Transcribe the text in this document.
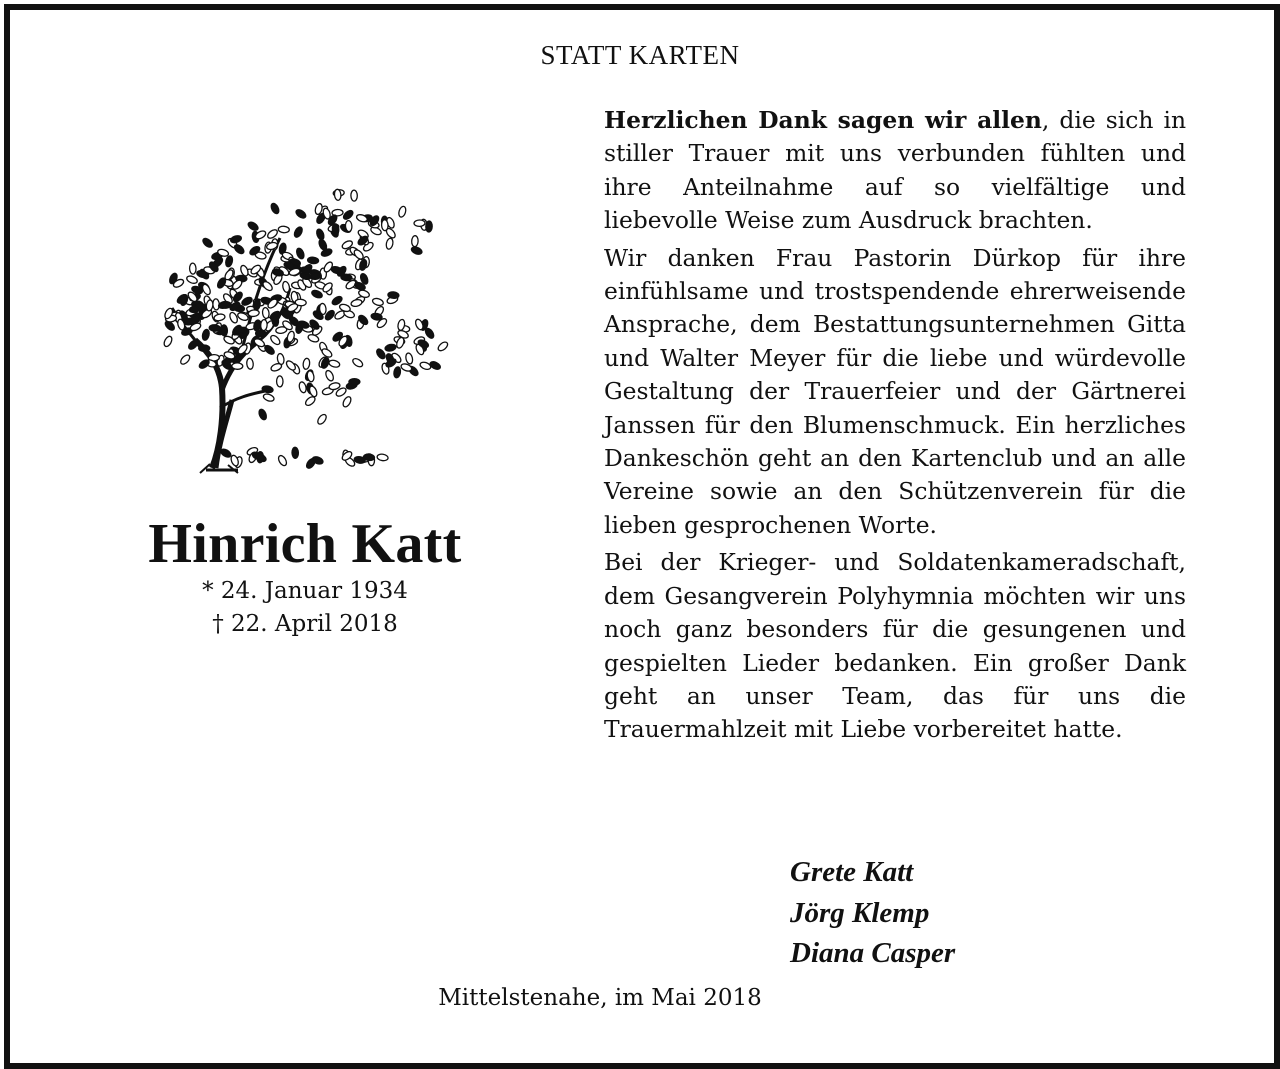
STATT KARTEN
Hinrich Katt
* 24. Januar 1934
† 22. April 2018

Herzlichen Dank sagen wir allen, die sich in stiller Trauer mit uns verbunden fühlten und ihre Anteilnahme auf so vielfältige und liebevolle Weise zum Ausdruck brachten.

Wir danken Frau Pastorin Dürkop für ihre einfühlsame und trostspendende ehrerweisende Ansprache, dem Bestattungsunternehmen Gitta und Walter Meyer für die liebe und würdevolle Gestaltung der Trauerfeier und der Gärtnerei Janssen für den Blumenschmuck. Ein herzliches Dankeschön geht an den Kartenclub und an alle Vereine sowie an den Schützenverein für die lieben gesprochenen Worte.

Bei der Krieger- und Soldatenkameradschaft, dem Gesangverein Polyhymnia möchten wir uns noch ganz besonders für die gesungenen und gespielten Lieder bedanken. Ein großer Dank geht an unser Team, das für uns die Trauermahlzeit mit Liebe vorbereitet hatte.

Grete Katt
Jörg Klemp
Diana Casper
Mittelstenahe, im Mai 2018
